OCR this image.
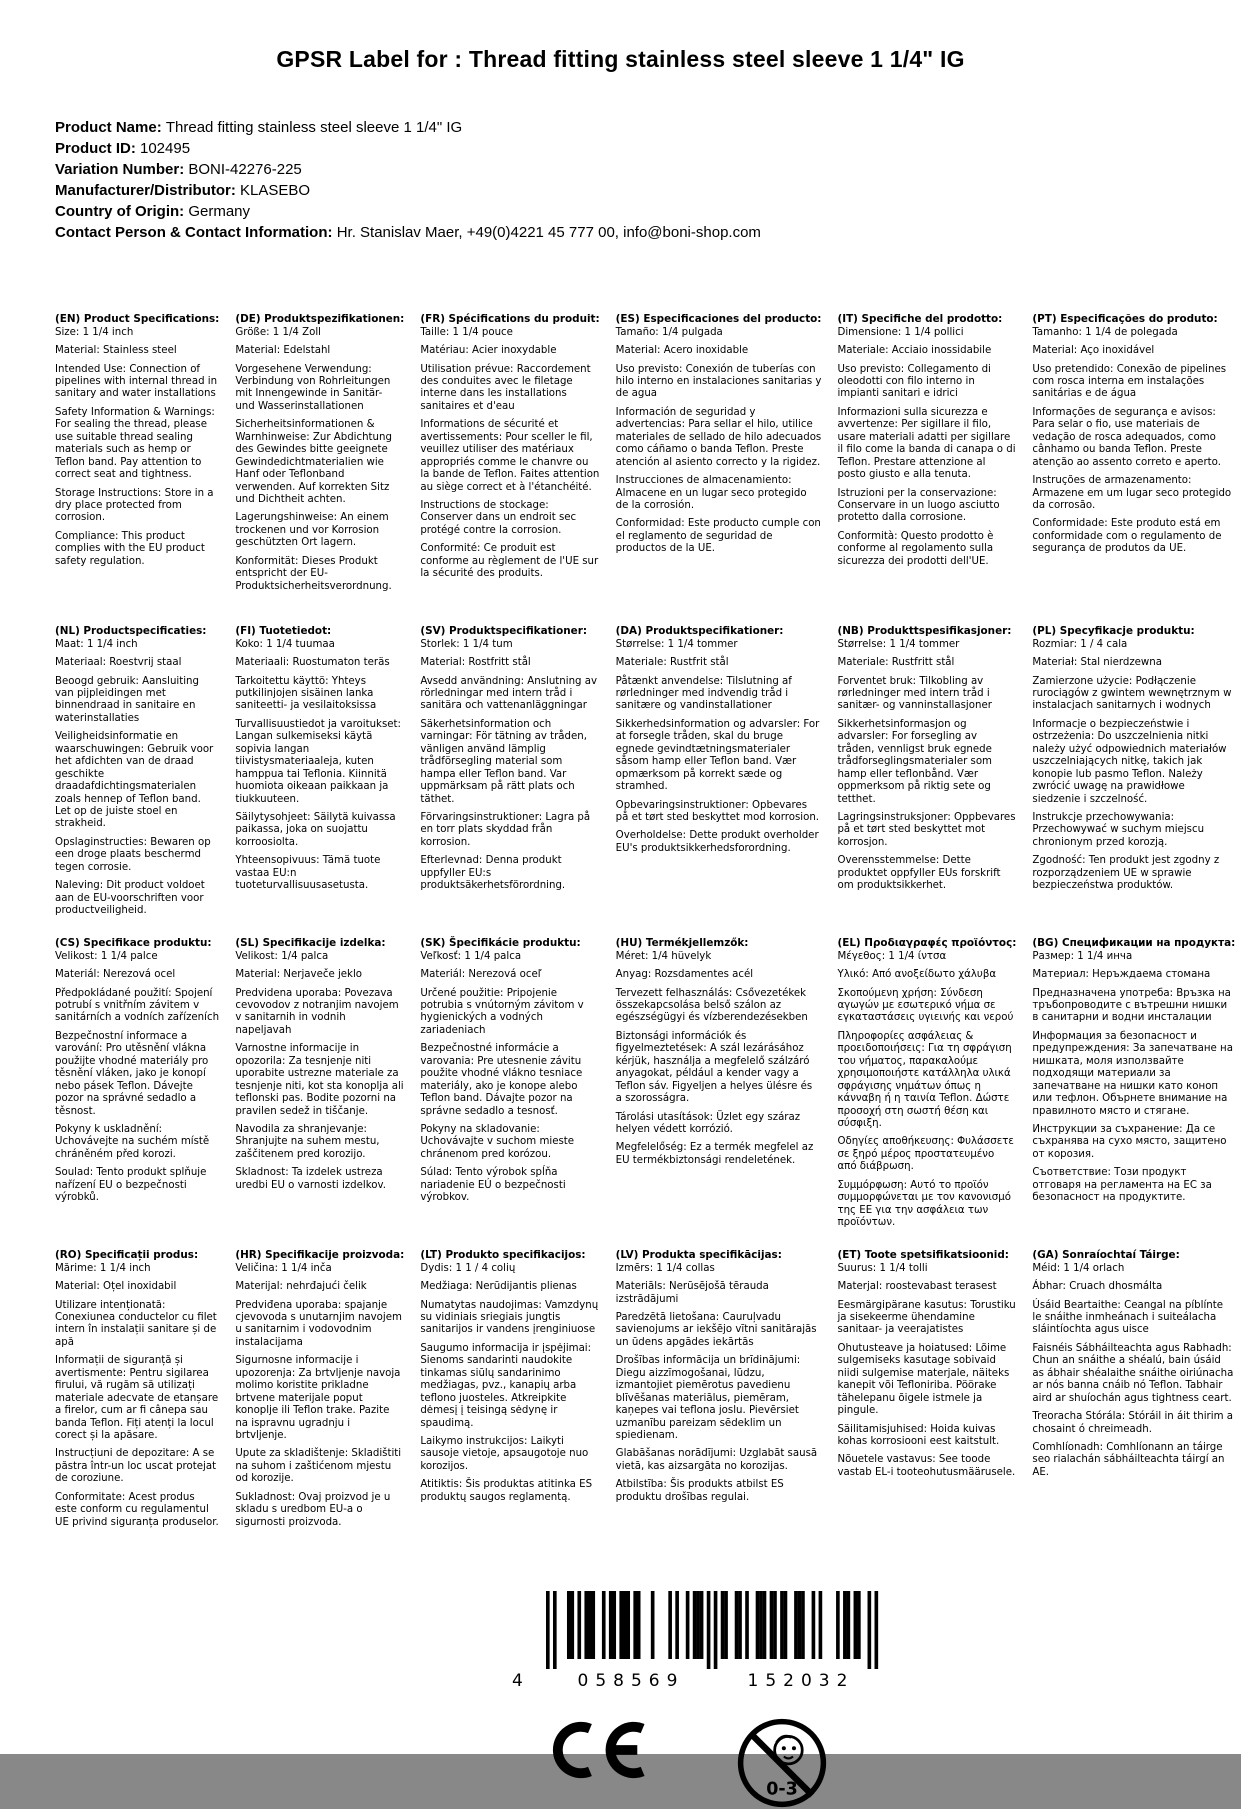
GPSR Label for : Thread fitting stainless steel sleeve 1 1/4" IG
Product Name: Thread fitting stainless steel sleeve 1 1/4" IG
Product ID: 102495
Variation Number: BONI-42276-225
Manufacturer/Distributor: KLASEBO
Country of Origin: Germany
Contact Person & Contact Information: Hr. Stanislav Maer, +49(0)4221 45 777 00, info@boni-shop.com
(EN) Product Specifications:

Size: 1 1/4 inch

Material: Stainless steel

Intended Use: Connection of pipelines with internal thread in sanitary and water installations

Safety Information & Warnings: For sealing the thread, please use suitable thread sealing materials such as hemp or Teflon band. Pay attention to correct seat and tightness.

Storage Instructions: Store in a dry place protected from corrosion.

Compliance: This product complies with the EU product safety regulation.

(DE) Produktspezifikationen:

Größe: 1 1/4 Zoll

Material: Edelstahl

Vorgesehene Verwendung: Verbindung von Rohrleitungen mit Innengewinde in Sanitär- und Wasserinstallationen

Sicherheitsinformationen & Warnhinweise: Zur Abdichtung des Gewindes bitte geeignete Gewindedichtmaterialien wie Hanf oder Teflonband verwenden. Auf korrekten Sitz und Dichtheit achten.

Lagerungshinweise: An einem trockenen und vor Korrosion geschützten Ort lagern.

Konformität: Dieses Produkt entspricht der EU-Produktsicherheitsverordnung.

(FR) Spécifications du produit:

Taille: 1 1/4 pouce

Matériau: Acier inoxydable

Utilisation prévue: Raccordement des conduites avec le filetage interne dans les installations sanitaires et d'eau

Informations de sécurité et avertissements: Pour sceller le fil, veuillez utiliser des matériaux appropriés comme le chanvre ou la bande de Teflon. Faites attention au siège correct et à l'étanchéité.

Instructions de stockage: Conserver dans un endroit sec protégé contre la corrosion.

Conformité: Ce produit est conforme au règlement de l'UE sur la sécurité des produits.

(ES) Especificaciones del producto:

Tamaño: 1/4 pulgada

Material: Acero inoxidable

Uso previsto: Conexión de tuberías con hilo interno en instalaciones sanitarias y de agua

Información de seguridad y advertencias: Para sellar el hilo, utilice materiales de sellado de hilo adecuados como cáñamo o banda Teflon. Preste atención al asiento correcto y la rigidez.

Instrucciones de almacenamiento: Almacene en un lugar seco protegido de la corrosión.

Conformidad: Este producto cumple con el reglamento de seguridad de productos de la UE.

(IT) Specifiche del prodotto:

Dimensione: 1 1/4 pollici

Materiale: Acciaio inossidabile

Uso previsto: Collegamento di oleodotti con filo interno in impianti sanitari e idrici

Informazioni sulla sicurezza e avvertenze: Per sigillare il filo, usare materiali adatti per sigillare il filo come la banda di canapa o di Teflon. Prestare attenzione al posto giusto e alla tenuta.

Istruzioni per la conservazione: Conservare in un luogo asciutto protetto dalla corrosione.

Conformità: Questo prodotto è conforme al regolamento sulla sicurezza dei prodotti dell'UE.

(PT) Especificações do produto:

Tamanho: 1 1/4 de polegada

Material: Aço inoxidável

Uso pretendido: Conexão de pipelines com rosca interna em instalações sanitárias e de água

Informações de segurança e avisos: Para selar o fio, use materiais de vedação de rosca adequados, como cânhamo ou banda Teflon. Preste atenção ao assento correto e aperto.

Instruções de armazenamento: Armazene em um lugar seco protegido da corrosão.

Conformidade: Este produto está em conformidade com o regulamento de segurança de produtos da UE.

(NL) Productspecificaties:

Maat: 1 1/4 inch

Materiaal: Roestvrij staal

Beoogd gebruik: Aansluiting van pijpleidingen met binnendraad in sanitaire en waterinstallaties

Veiligheidsinformatie en waarschuwingen: Gebruik voor het afdichten van de draad geschikte draadafdichtingsmaterialen zoals hennep of Teflon band. Let op de juiste stoel en strakheid.

Opslaginstructies: Bewaren op een droge plaats beschermd tegen corrosie.

Naleving: Dit product voldoet aan de EU-voorschriften voor productveiligheid.

(FI) Tuotetiedot:

Koko: 1 1/4 tuumaa

Materiaali: Ruostumaton teräs

Tarkoitettu käyttö: Yhteys putkilinjojen sisäinen lanka saniteetti- ja vesilaitoksissa

Turvallisuustiedot ja varoitukset: Langan sulkemiseksi käytä sopivia langan tiivistysmateriaaleja, kuten hamppua tai Teflonia. Kiinnitä huomiota oikeaan paikkaan ja tiukkuuteen.

Säilytysohjeet: Säilytä kuivassa paikassa, joka on suojattu korroosiolta.

Yhteensopivuus: Tämä tuote vastaa EU:n tuoteturvallisuusasetusta.

(SV) Produktspecifikationer:

Storlek: 1 1/4 tum

Material: Rostfritt stål

Avsedd användning: Anslutning av rörledningar med intern tråd i sanitära och vattenanläggningar

Säkerhetsinformation och varningar: För tätning av tråden, vänligen använd lämplig trådförsegling material som hampa eller Teflon band. Var uppmärksam på rätt plats och täthet.

Förvaringsinstruktioner: Lagra på en torr plats skyddad från korrosion.

Efterlevnad: Denna produkt uppfyller EU:s produktsäkerhetsförordning.

(DA) Produktspecifikationer:

Størrelse: 1 1/4 tommer

Materiale: Rustfrit stål

Påtænkt anvendelse: Tilslutning af rørledninger med indvendig tråd i sanitære og vandinstallationer

Sikkerhedsinformation og advarsler: For at forsegle tråden, skal du bruge egnede gevindtætningsmaterialer såsom hamp eller Teflon band. Vær opmærksom på korrekt sæde og stramhed.

Opbevaringsinstruktioner: Opbevares på et tørt sted beskyttet mod korrosion.

Overholdelse: Dette produkt overholder EU's produktsikkerhedsforordning.

(NB) Produkttspesifikasjoner:

Størrelse: 1 1/4 tommer

Materiale: Rustfritt stål

Forventet bruk: Tilkobling av rørledninger med intern tråd i sanitær- og vanninstallasjoner

Sikkerhetsinformasjon og advarsler: For forsegling av tråden, vennligst bruk egnede trådforseglingsmaterialer som hamp eller teflonbånd. Vær oppmerksom på riktig sete og tetthet.

Lagringsinstruksjoner: Oppbevares på et tørt sted beskyttet mot korrosjon.

Overensstemmelse: Dette produktet oppfyller EUs forskrift om produktsikkerhet.

(PL) Specyfikacje produktu:

Rozmiar: 1 / 4 cala

Materiał: Stal nierdzewna

Zamierzone użycie: Podłączenie rurociągów z gwintem wewnętrznym w instalacjach sanitarnych i wodnych

Informacje o bezpieczeństwie i ostrzeżenia: Do uszczelnienia nitki należy użyć odpowiednich materiałów uszczelniających nitkę, takich jak konopie lub pasmo Teflon. Należy zwrócić uwagę na prawidłowe siedzenie i szczelność.

Instrukcje przechowywania: Przechowywać w suchym miejscu chronionym przed korozją.

Zgodność: Ten produkt jest zgodny z rozporządzeniem UE w sprawie bezpieczeństwa produktów.

(CS) Specifikace produktu:

Velikost: 1 1/4 palce

Materiál: Nerezová ocel

Předpokládané použití: Spojení potrubí s vnitřním závitem v sanitárních a vodních zařízeních

Bezpečnostní informace a varování: Pro utěsnění vlákna použijte vhodné materiály pro těsnění vláken, jako je konopí nebo pásek Teflon. Dávejte pozor na správné sedadlo a těsnost.

Pokyny k uskladnění: Uchovávejte na suchém místě chráněném před korozi.

Soulad: Tento produkt splňuje nařízení EU o bezpečnosti výrobků.

(SL) Specifikacije izdelka:

Velikost: 1/4 palca

Material: Nerjaveče jeklo

Predvidena uporaba: Povezava cevovodov z notranjim navojem v sanitarnih in vodnih napeljavah

Varnostne informacije in opozorila: Za tesnjenje niti uporabite ustrezne materiale za tesnjenje niti, kot sta konoplja ali teflonski pas. Bodite pozorni na pravilen sedež in tiščanje.

Navodila za shranjevanje: Shranjujte na suhem mestu, zaščitenem pred korozijo.

Skladnost: Ta izdelek ustreza uredbi EU o varnosti izdelkov.

(SK) Špecifikácie produktu:

Veľkosť: 1 1/4 palca

Materiál: Nerezová oceľ

Určené použitie: Pripojenie potrubia s vnútorným závitom v hygienických a vodných zariadeniach

Bezpečnostné informácie a varovania: Pre utesnenie závitu použite vhodné vlákno tesniace materiály, ako je konope alebo Teflon band. Dávajte pozor na správne sedadlo a tesnosť.

Pokyny na skladovanie: Uchovávajte v suchom mieste chránenom pred korózou.

Súlad: Tento výrobok spĺňa nariadenie EÚ o bezpečnosti výrobkov.

(HU) Termékjellemzők:

Méret: 1/4 hüvelyk

Anyag: Rozsdamentes acél

Tervezett felhasználás: Csővezetékek összekapcsolása belső szálon az egészségügyi és vízberendezésekben

Biztonsági információk és figyelmeztetések: A szál lezárásához kérjük, használja a megfelelő szálzáró anyagokat, például a kender vagy a Teflon sáv. Figyeljen a helyes ülésre és a szorosságra.

Tárolási utasítások: Üzlet egy száraz helyen védett korrózió.

Megfelelőség: Ez a termék megfelel az EU termékbiztonsági rendeletének.

(EL) Προδιαγραφές προϊόντος:

Μέγεθος: 1 1/4 ίντσα

Υλικό: Από ανοξείδωτο χάλυβα

Σκοπούμενη χρήση: Σύνδεση αγωγών με εσωτερικό νήμα σε εγκαταστάσεις υγιεινής και νερού

Πληροφορίες ασφάλειας & προειδοποιήσεις: Για τη σφράγιση του νήματος, παρακαλούμε χρησιμοποιήστε κατάλληλα υλικά σφράγισης νημάτων όπως η κάνναβη ή η ταινία Teflon. Δώστε προσοχή στη σωστή θέση και σύσφιξη.

Οδηγίες αποθήκευσης: Φυλάσσετε σε ξηρό μέρος προστατευμένο από διάβρωση.

Συμμόρφωση: Αυτό το προϊόν συμμορφώνεται με τον κανονισμό της ΕΕ για την ασφάλεια των προϊόντων.

(BG) Спецификации на продукта:

Размер: 1 1/4 инча

Материал: Неръждаема стомана

Предназначена употреба: Връзка на тръбопроводите с вътрешни нишки в санитарни и водни инсталации

Информация за безопасност и предупреждения: За запечатване на нишката, моля използвайте подходящи материали за запечатване на нишки като коноп или тефлон. Обърнете внимание на правилното място и стягане.

Инструкции за съхранение: Да се съхранява на сухо място, защитено от корозия.

Съответствие: Този продукт отговаря на регламента на ЕС за безопасност на продуктите.

(RO) Specificații produs:

Mărime: 1 1/4 inch

Material: Oțel inoxidabil

Utilizare intenționată: Conexiunea conductelor cu filet intern în instalații sanitare și de apă

Informații de siguranță și avertismente: Pentru sigilarea firului, vă rugăm să utilizați materiale adecvate de etanșare a firelor, cum ar fi cânepa sau banda Teflon. Fiți atenți la locul corect și la apăsare.

Instrucțiuni de depozitare: A se păstra într-un loc uscat protejat de coroziune.

Conformitate: Acest produs este conform cu regulamentul UE privind siguranța produselor.

(HR) Specifikacije proizvoda:

Veličina: 1 1/4 inča

Materijal: nehrđajući čelik

Predviđena uporaba: spajanje cjevovoda s unutarnjim navojem u sanitarnim i vodovodnim instalacijama

Sigurnosne informacije i upozorenja: Za brtvljenje navoja molimo koristite prikladne brtvene materijale poput konoplje ili Teflon trake. Pazite na ispravnu ugradnju i brtvljenje.

Upute za skladištenje: Skladištiti na suhom i zaštićenom mjestu od korozije.

Sukladnost: Ovaj proizvod je u skladu s uredbom EU-a o sigurnosti proizvoda.

(LT) Produkto specifikacijos:

Dydis: 1 1 / 4 colių

Medžiaga: Nerūdijantis plienas

Numatytas naudojimas: Vamzdynų su vidiniais sriegiais jungtis sanitarijos ir vandens įrenginiuose

Saugumo informacija ir įspėjimai: Sienoms sandarinti naudokite tinkamas siūlų sandarinimo medžiagas, pvz., kanapių arba teflono juosteles. Atkreipkite dėmesį į teisingą sėdynę ir spaudimą.

Laikymo instrukcijos: Laikyti sausoje vietoje, apsaugotoje nuo korozijos.

Atitiktis: Šis produktas atitinka ES produktų saugos reglamentą.

(LV) Produkta specifikācijas:

Izmērs: 1 1/4 collas

Materiāls: Nerūsējošā tērauda izstrādājumi

Paredzētā lietošana: Cauruļvadu savienojums ar iekšējo vītni sanitārajās un ūdens apgādes iekārtās

Drošības informācija un brīdinājumi: Diegu aizzīmogošanai, lūdzu, izmantojiet piemērotus pavedienu blīvēšanas materiālus, piemēram, kaņepes vai teflona joslu. Pievērsiet uzmanību pareizam sēdeklim un spiedienam.

Glabāšanas norādījumi: Uzglabāt sausā vietā, kas aizsargāta no korozijas.

Atbilstība: Šis produkts atbilst ES produktu drošības regulai.

(ET) Toote spetsifikatsioonid:

Suurus: 1 1/4 tolli

Materjal: roostevabast terasest

Eesmärgipärane kasutus: Torustiku ja sisekeerme ühendamine sanitaar- ja veerajatistes

Ohutusteave ja hoiatused: Lõime sulgemiseks kasutage sobivaid niidi sulgemise materjale, näiteks kanepit või Tefloniriba. Pöörake tähelepanu õigele istmele ja pingule.

Säilitamisjuhised: Hoida kuivas kohas korrosiooni eest kaitstult.

Nõuetele vastavus: See toode vastab EL-i tooteohutusmäärusele.

(GA) Sonraíochtaí Táirge:

Méid: 1 1/4 orlach

Ábhar: Cruach dhosmálta

Úsáid Beartaithe: Ceangal na píblínte le snáithe inmheánach i suiteálacha sláintíochta agus uisce

Faisnéis Sábháilteachta agus Rabhadh: Chun an snáithe a shéalú, bain úsáid as ábhair shéalaithe snáithe oiriúnacha ar nós banna cnáib nó Teflon. Tabhair aird ar shuíochán agus tightness ceart.

Treoracha Stórála: Stóráil in áit thirim a chosaint ó chreimeadh.

Comhlíonadh: Comhlíonann an táirge seo rialachán sábháilteachta táirgí an AE.

4	058569	152032
0-3
